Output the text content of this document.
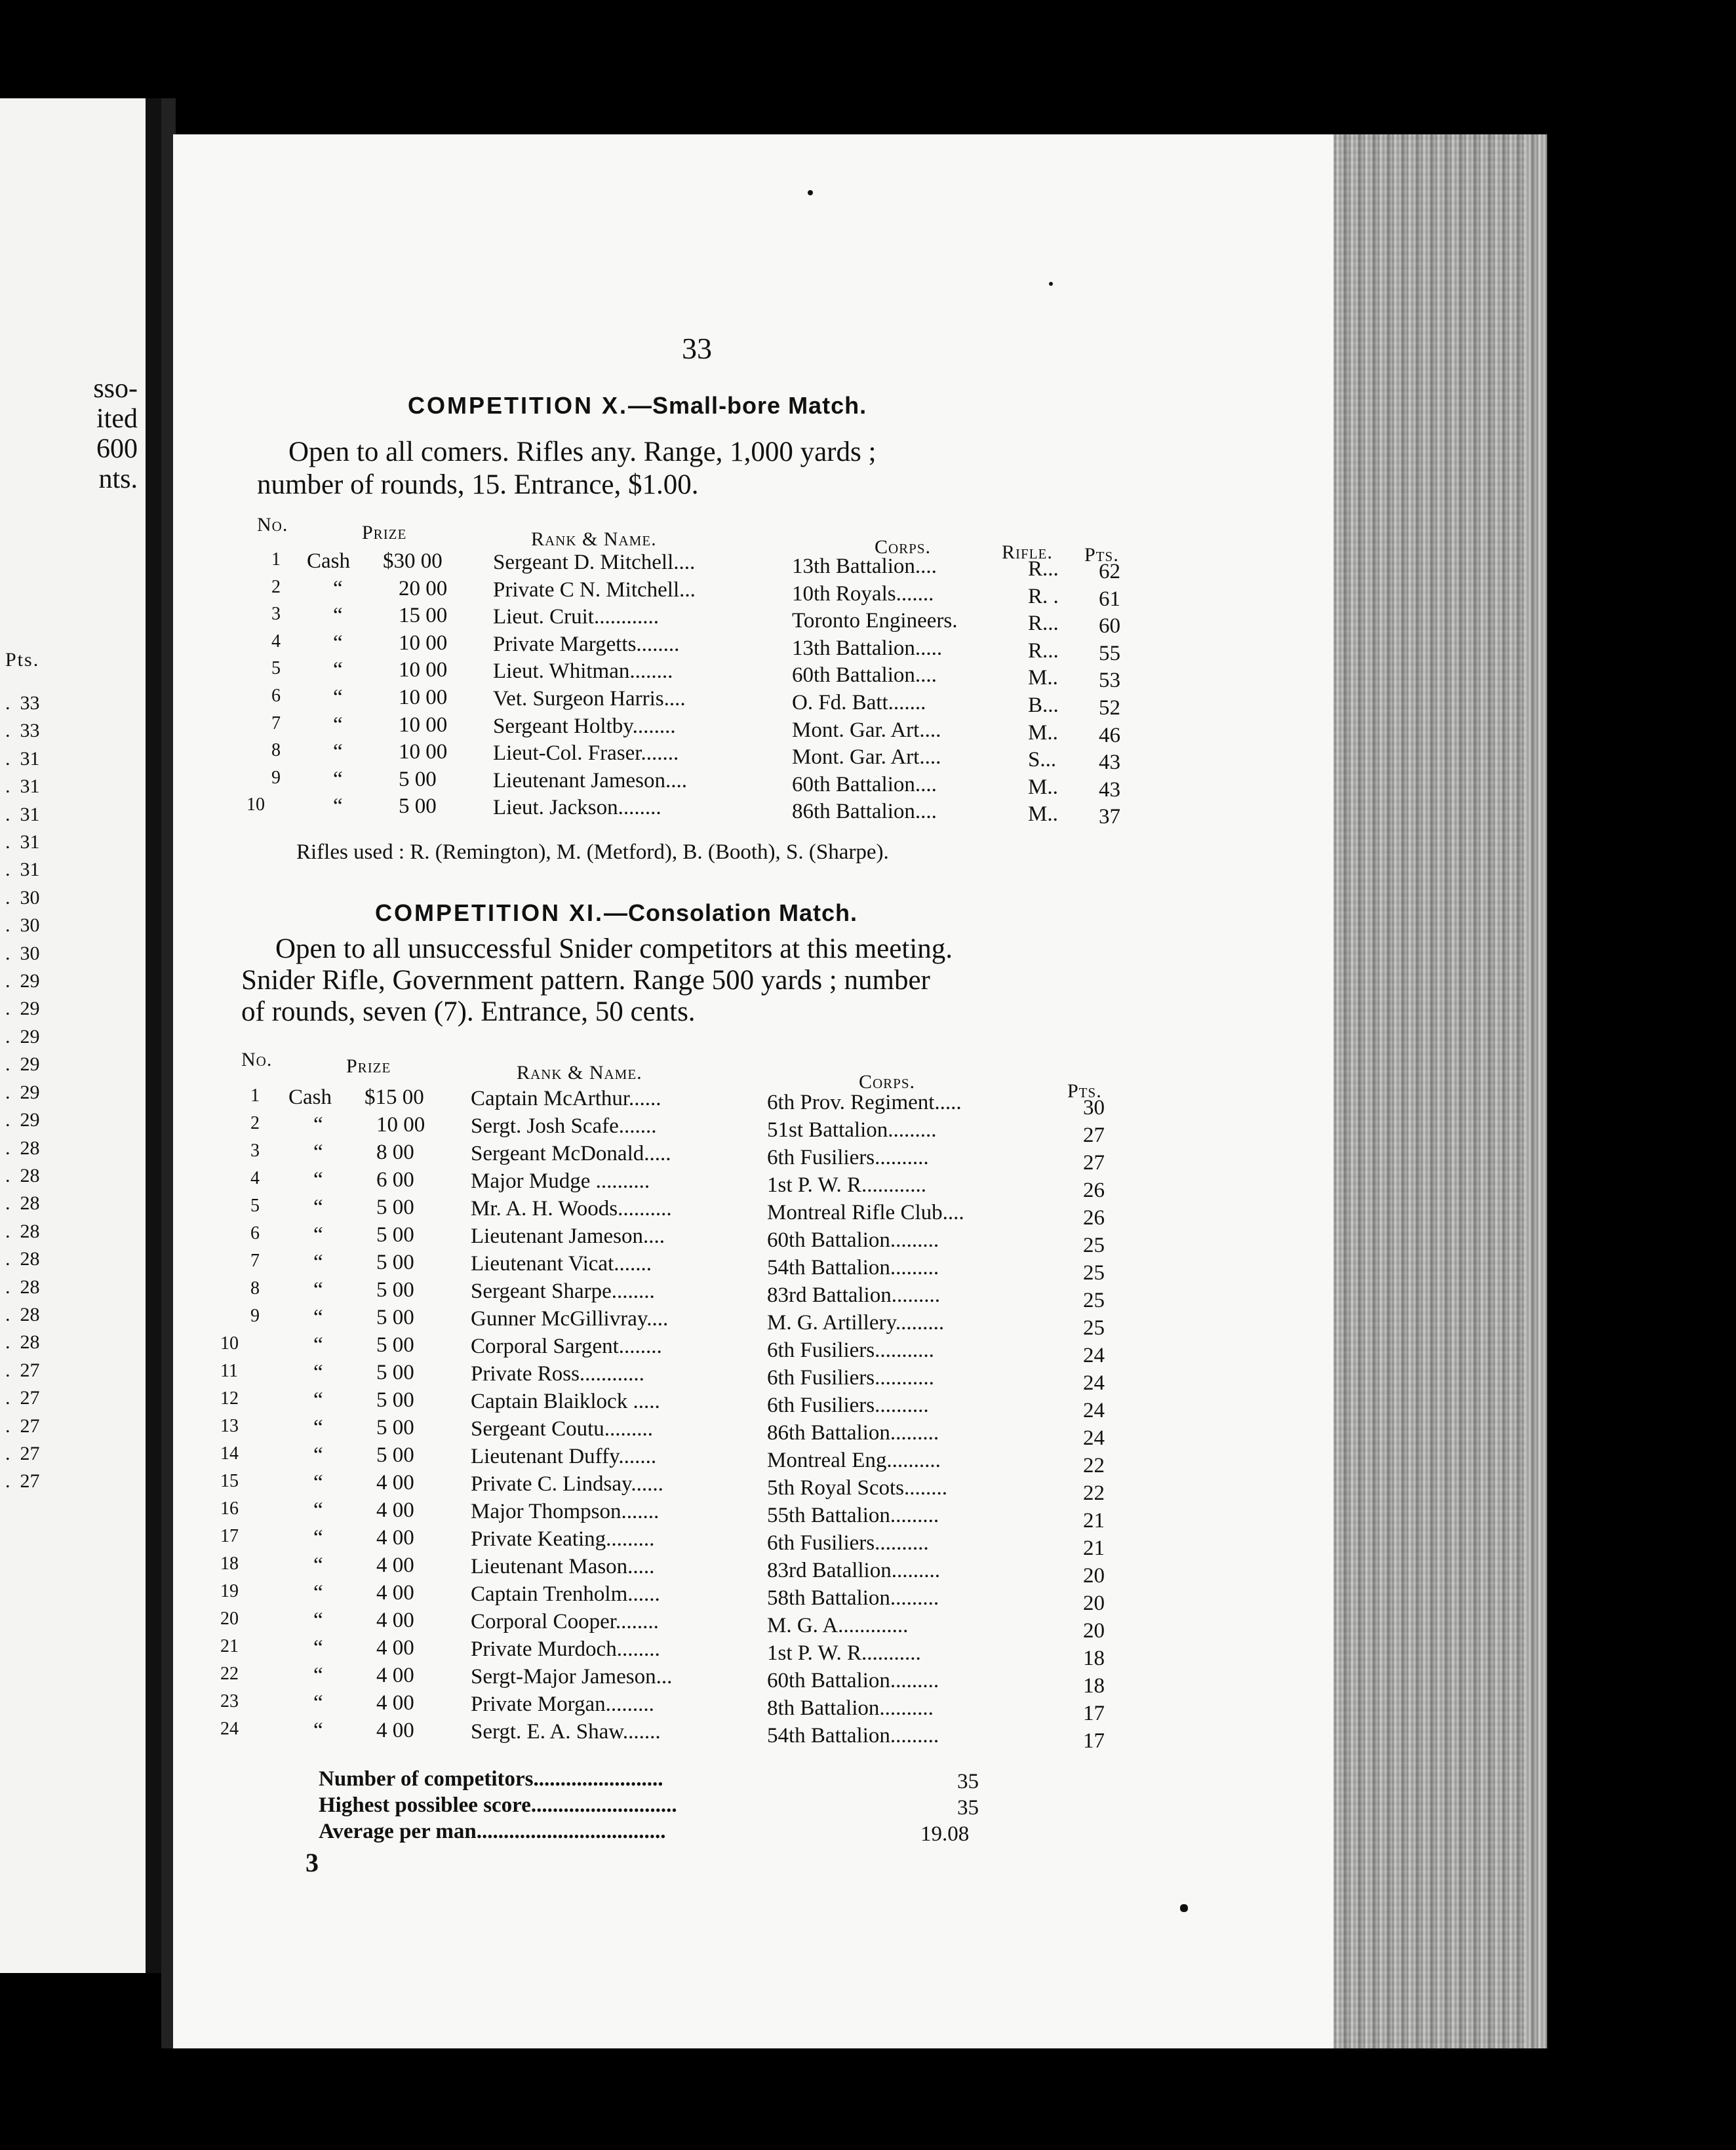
sso-
ited
600
nts.
Pts.
.  33
.  33
.  31
.  31
.  31
.  31
.  31
.  30
.  30
.  30
.  29
.  29
.  29
.  29
.  29
.  29
.  28
.  28
.  28
.  28
.  28
.  28
.  28
.  28
.  27
.  27
.  27
.  27
.  27
33
COMPETITION X.—Small-bore Match.
Open to all comers. Rifles any. Range, 1,000 yards ;
number of rounds, 15. Entrance, $1.00.
No.	Prize	Rank & Name.	Corps.	Rifle. Pts.
1 Cash $30 00 Sergeant D. Mitchell....	13th Battalion....	R... 62
2 “	20 00 Private C N. Mitchell...	10th Royals.......	R. . 61
3 “	15 00 Lieut. Cruit............	Toronto Engineers.	R... 60
4 “	10 00 Private Margetts........	13th Battalion.....	R... 55
5 “	10 00 Lieut. Whitman........	60th Battalion....	M.. 53
6 “	10 00 Vet. Surgeon Harris....	O. Fd. Batt.......	B... 52
7 “	10 00 Sergeant Holtby........	Mont. Gar. Art....	M.. 46
8 “	10 00 Lieut-Col. Fraser.......	Mont. Gar. Art....	S... 43
9 “	5 00	Lieutenant Jameson....	60th Battalion....	M.. 43
10	“	5 00	Lieut. Jackson........	86th Battalion....	M.. 37
Rifles used : R. (Remington), M. (Metford), B. (Booth), S. (Sharpe).
COMPETITION XI.—Consolation Match.
Open to all unsuccessful Snider competitors at this meeting.
Snider Rifle, Government pattern. Range 500 yards ; number
of rounds, seven (7). Entrance, 50 cents.
No.	Prize	Rank & Name.	Corps.	Pts.
1 Cash $15 00 Captain McArthur......	6th Prov. Regiment.....	30
2 “ 10 00 Sergt. Josh Scafe.......	51st Battalion.........	27
3 “ 8 00	Sergeant McDonald.....	6th Fusiliers..........	27
4 “ 6 00	Major Mudge ..........	1st P. W. R............	26
5 “ 5 00	Mr. A. H. Woods..........	Montreal Rifle Club....	26
6 “ 5 00	Lieutenant Jameson....	60th Battalion.........	25
7 “ 5 00	Lieutenant Vicat.......	54th Battalion.........	25
8 “ 5 00	Sergeant Sharpe........	83rd Battalion.........	25
9 “ 5 00	Gunner McGillivray....	M. G. Artillery.........	25
10	“ 5 00	Corporal Sargent........	6th Fusiliers...........	24
11	“ 5 00	Private Ross............	6th Fusiliers...........	24
12	“ 5 00	Captain Blaiklock .....	6th Fusiliers..........	24
13	“ 5 00	Sergeant Coutu.........	86th Battalion.........	24
14	“ 5 00	Lieutenant Duffy.......	Montreal Eng..........	22
15	“ 4 00	Private C. Lindsay......	5th Royal Scots........	22
16	“ 4 00	Major Thompson.......	55th Battalion.........	21
17	“ 4 00	Private Keating.........	6th Fusiliers..........	21
18	“ 4 00	Lieutenant Mason.....	83rd Batallion.........	20
19	“ 4 00	Captain Trenholm......	58th Battalion.........	20
20	“ 4 00	Corporal Cooper........	M. G. A.............	20
21	“ 4 00	Private Murdoch........	1st P. W. R...........	18
22	“ 4 00	Sergt-Major Jameson...	60th Battalion.........	18
23	“ 4 00	Private Morgan.........	8th Battalion..........	17
24	“ 4 00	Sergt. E. A. Shaw.......	54th Battalion.........	17
Number of competitors........................	35
Highest possiblee score...........................	35
Average per man...................................	19.08
3
